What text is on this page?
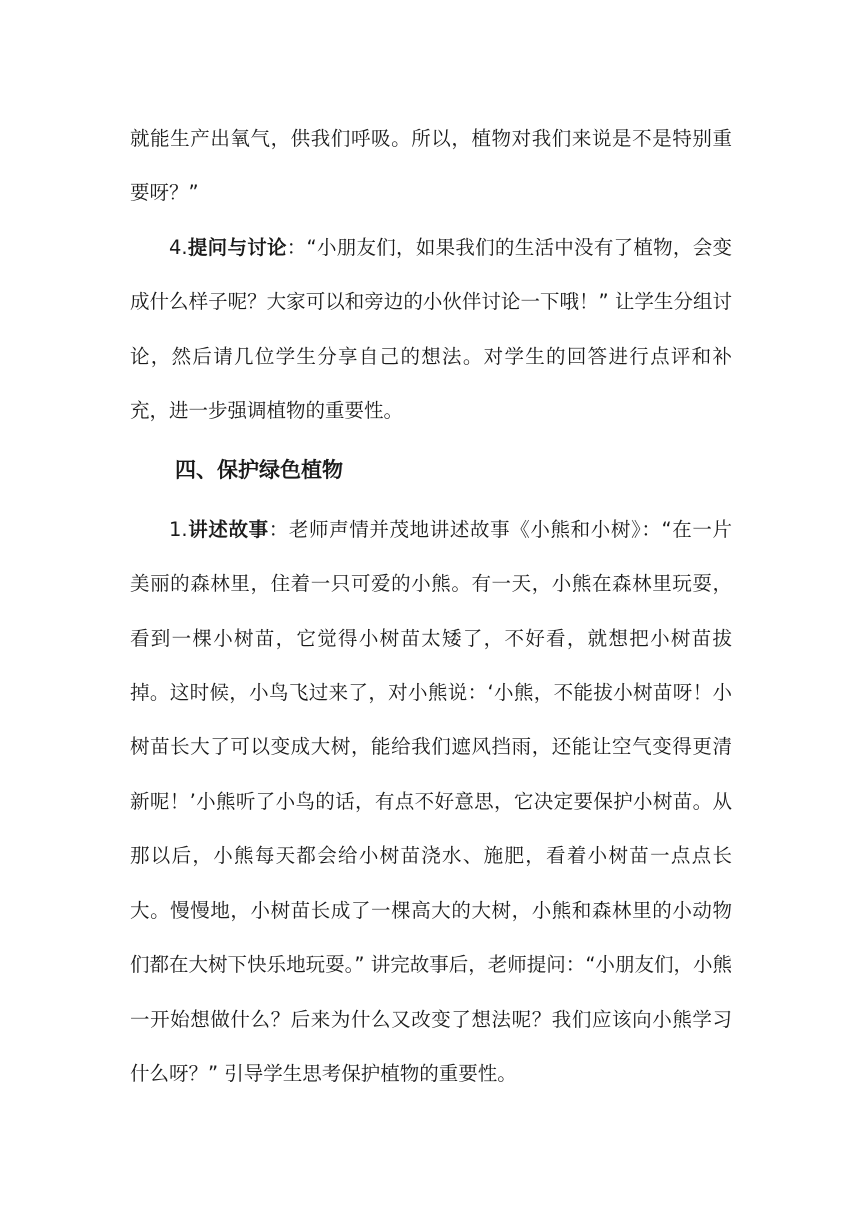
就能生产出氧气，供我们呼吸。所以，植物对我们来说是不是特别重要呀？”

4.提问与讨论：“小朋友们，如果我们的生活中没有了植物，会变成什么样子呢？大家可以和旁边的小伙伴讨论一下哦！” 让学生分组讨论，然后请几位学生分享自己的想法。对学生的回答进行点评和补充，进一步强调植物的重要性。

四、保护绿色植物

1.讲述故事：老师声情并茂地讲述故事《小熊和小树》：“在一片美丽的森林里，住着一只可爱的小熊。有一天，小熊在森林里玩耍，看到一棵小树苗，它觉得小树苗太矮了，不好看，就想把小树苗拔掉。这时候，小鸟飞过来了，对小熊说：‘小熊，不能拔小树苗呀！小树苗长大了可以变成大树，能给我们遮风挡雨，还能让空气变得更清新呢！’小熊听了小鸟的话，有点不好意思，它决定要保护小树苗。从那以后，小熊每天都会给小树苗浇水、施肥，看着小树苗一点点长大。慢慢地，小树苗长成了一棵高大的大树，小熊和森林里的小动物们都在大树下快乐地玩耍。” 讲完故事后，老师提问：“小朋友们，小熊一开始想做什么？后来为什么又改变了想法呢？我们应该向小熊学习什么呀？” 引导学生思考保护植物的重要性。
